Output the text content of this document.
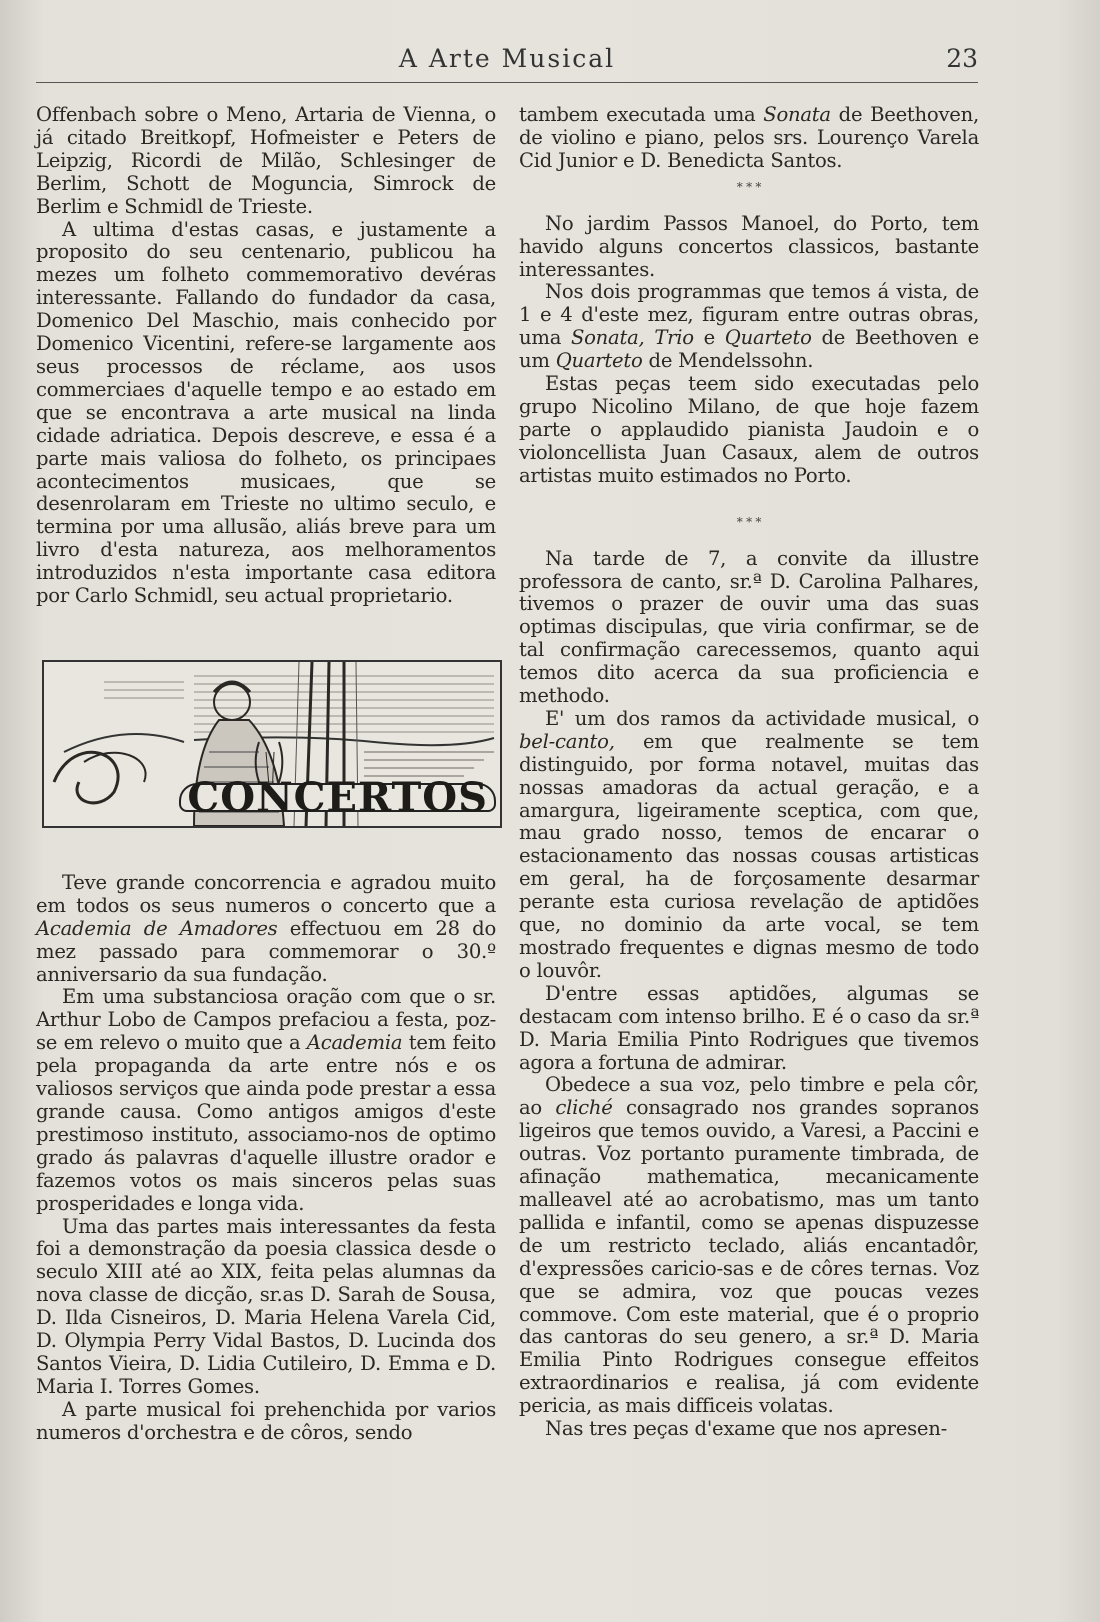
A Arte Musical	23

Offenbach sobre o Meno, Artaria de Vienna, o já citado Breitkopf, Hofmeister e Peters de Leipzig, Ricordi de Milão, Schlesinger de Berlim, Schott de Moguncia, Simrock de Berlim e Schmidl de Trieste.

A ultima d'estas casas, e justamente a proposito do seu centenario, publicou ha mezes um folheto commemorativo devéras interessante. Fallando do fundador da casa, Domenico Del Maschio, mais conhecido por Domenico Vicentini, refere-se largamente aos seus processos de réclame, aos usos commerciaes d'aquelle tempo e ao estado em que se encontrava a arte musical na linda cidade adriatica. Depois descreve, e essa é a parte mais valiosa do folheto, os principaes acontecimentos musicaes, que se desenrolaram em Trieste no ultimo seculo, e termina por uma allusão, aliás breve para um livro d'esta natureza, aos melhoramentos introduzidos n'esta importante casa editora por Carlo Schmidl, seu actual proprietario.

CONCERTOS

Teve grande concorrencia e agradou muito em todos os seus numeros o concerto que a Academia de Amadores effectuou em 28 do mez passado para commemorar o 30.º anniversario da sua fundação.

Em uma substanciosa oração com que o sr. Arthur Lobo de Campos prefaciou a festa, poz-se em relevo o muito que a Academia tem feito pela propaganda da arte entre nós e os valiosos serviços que ainda pode prestar a essa grande causa. Como antigos amigos d'este prestimoso instituto, associamo-nos de optimo grado ás palavras d'aquelle illustre orador e fazemos votos os mais sinceros pelas suas prosperidades e longa vida.

Uma das partes mais interessantes da festa foi a demonstração da poesia classica desde o seculo XIII até ao XIX, feita pelas alumnas da nova classe de dicção, sr.as D. Sarah de Sousa, D. Ilda Cisneiros, D. Maria Helena Varela Cid, D. Olympia Perry Vidal Bastos, D. Lucinda dos Santos Vieira, D. Lidia Cutileiro, D. Emma e D. Maria I. Torres Gomes.

A parte musical foi prehenchida por varios numeros d'orchestra e de côros, sendo

tambem executada uma Sonata de Beethoven, de violino e piano, pelos srs. Lourenço Varela Cid Junior e D. Benedicta Santos.

* * *

No jardim Passos Manoel, do Porto, tem havido alguns concertos classicos, bastante interessantes.

Nos dois programmas que temos á vista, de 1 e 4 d'este mez, figuram entre outras obras, uma Sonata, Trio e Quarteto de Beethoven e um Quarteto de Mendelssohn.

Estas peças teem sido executadas pelo grupo Nicolino Milano, de que hoje fazem parte o applaudido pianista Jaudoin e o violoncellista Juan Casaux, alem de outros artistas muito estimados no Porto.

* * *

Na tarde de 7, a convite da illustre professora de canto, sr.ª D. Carolina Palhares, tivemos o prazer de ouvir uma das suas optimas discipulas, que viria confirmar, se de tal confirmação carecessemos, quanto aqui temos dito acerca da sua proficiencia e methodo.

E' um dos ramos da actividade musical, o bel-canto, em que realmente se tem distinguido, por forma notavel, muitas das nossas amadoras da actual geração, e a amargura, ligeiramente sceptica, com que, mau grado nosso, temos de encarar o estacionamento das nossas cousas artisticas em geral, ha de forçosamente desarmar perante esta curiosa revelação de aptidões que, no dominio da arte vocal, se tem mostrado frequentes e dignas mesmo de todo o louvôr.

D'entre essas aptidões, algumas se destacam com intenso brilho. E é o caso da sr.ª D. Maria Emilia Pinto Rodrigues que tivemos agora a fortuna de admirar.

Obedece a sua voz, pelo timbre e pela côr, ao cliché consagrado nos grandes sopranos ligeiros que temos ouvido, a Varesi, a Paccini e outras. Voz portanto puramente timbrada, de afinação mathematica, mecanicamente malleavel até ao acrobatismo, mas um tanto pallida e infantil, como se apenas dispuzesse de um restricto teclado, aliás encantadôr, d'expressões caricio-sas e de côres ternas. Voz que se admira, voz que poucas vezes commove. Com este material, que é o proprio das cantoras do seu genero, a sr.ª D. Maria Emilia Pinto Rodrigues consegue effeitos extraordinarios e realisa, já com evidente pericia, as mais difficeis volatas.

Nas tres peças d'exame que nos apresen-
